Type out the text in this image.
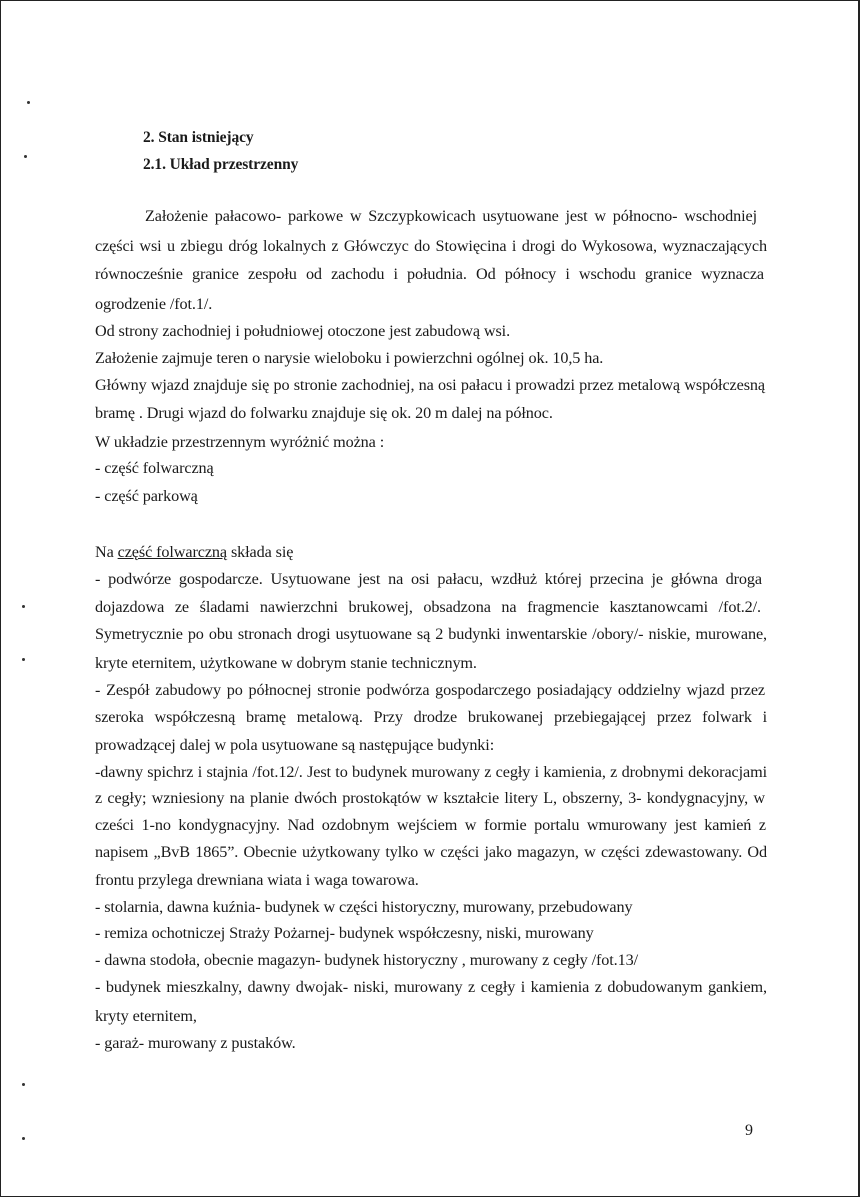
2. Stan istniejący
2.1. Układ przestrzenny
Założenie pałacowo- parkowe w Szczypkowicach usytuowane jest w północno- wschodniej
części wsi u zbiegu dróg lokalnych z Główczyc do Stowięcina i drogi do Wykosowa, wyznaczających
równocześnie granice zespołu od zachodu i południa. Od północy i wschodu granice wyznacza
ogrodzenie /fot.1/.
Od strony zachodniej i południowej otoczone jest zabudową wsi.
Założenie zajmuje teren o narysie wieloboku i powierzchni ogólnej ok. 10,5 ha.
Główny wjazd znajduje się po stronie zachodniej, na osi pałacu i prowadzi przez metalową współczesną
bramę . Drugi wjazd do folwarku znajduje się ok. 20 m dalej na północ.
W układzie przestrzennym wyróżnić można :
- część folwarczną
- część parkową
Na część folwarczną składa się
- podwórze gospodarcze. Usytuowane jest na osi pałacu, wzdłuż której przecina je główna droga
dojazdowa ze śladami nawierzchni brukowej, obsadzona na fragmencie kasztanowcami /fot.2/.
Symetrycznie po obu stronach drogi usytuowane są 2 budynki inwentarskie /obory/- niskie, murowane,
kryte eternitem, użytkowane w dobrym stanie technicznym.
- Zespół zabudowy po północnej stronie podwórza gospodarczego posiadający oddzielny wjazd przez
szeroka współczesną bramę metalową. Przy drodze brukowanej przebiegającej przez folwark i
prowadzącej dalej w pola usytuowane są następujące budynki:
-dawny spichrz i stajnia /fot.12/. Jest to budynek murowany z cegły i kamienia, z drobnymi dekoracjami
z cegły; wzniesiony na planie dwóch prostokątów w kształcie litery L, obszerny, 3- kondygnacyjny, w
cześci 1-no kondygnacyjny. Nad ozdobnym wejściem w formie portalu wmurowany jest kamień z
napisem „BvB 1865”. Obecnie użytkowany tylko w części jako magazyn, w części zdewastowany. Od
frontu przylega drewniana wiata i waga towarowa.
- stolarnia, dawna kuźnia- budynek w części historyczny, murowany, przebudowany
- remiza ochotniczej Straży Pożarnej- budynek współczesny, niski, murowany
- dawna stodoła, obecnie magazyn- budynek historyczny , murowany z cegły /fot.13/
- budynek mieszkalny, dawny dwojak- niski, murowany z cegły i kamienia z dobudowanym gankiem,
kryty eternitem,
- garaż- murowany z pustaków.
9
